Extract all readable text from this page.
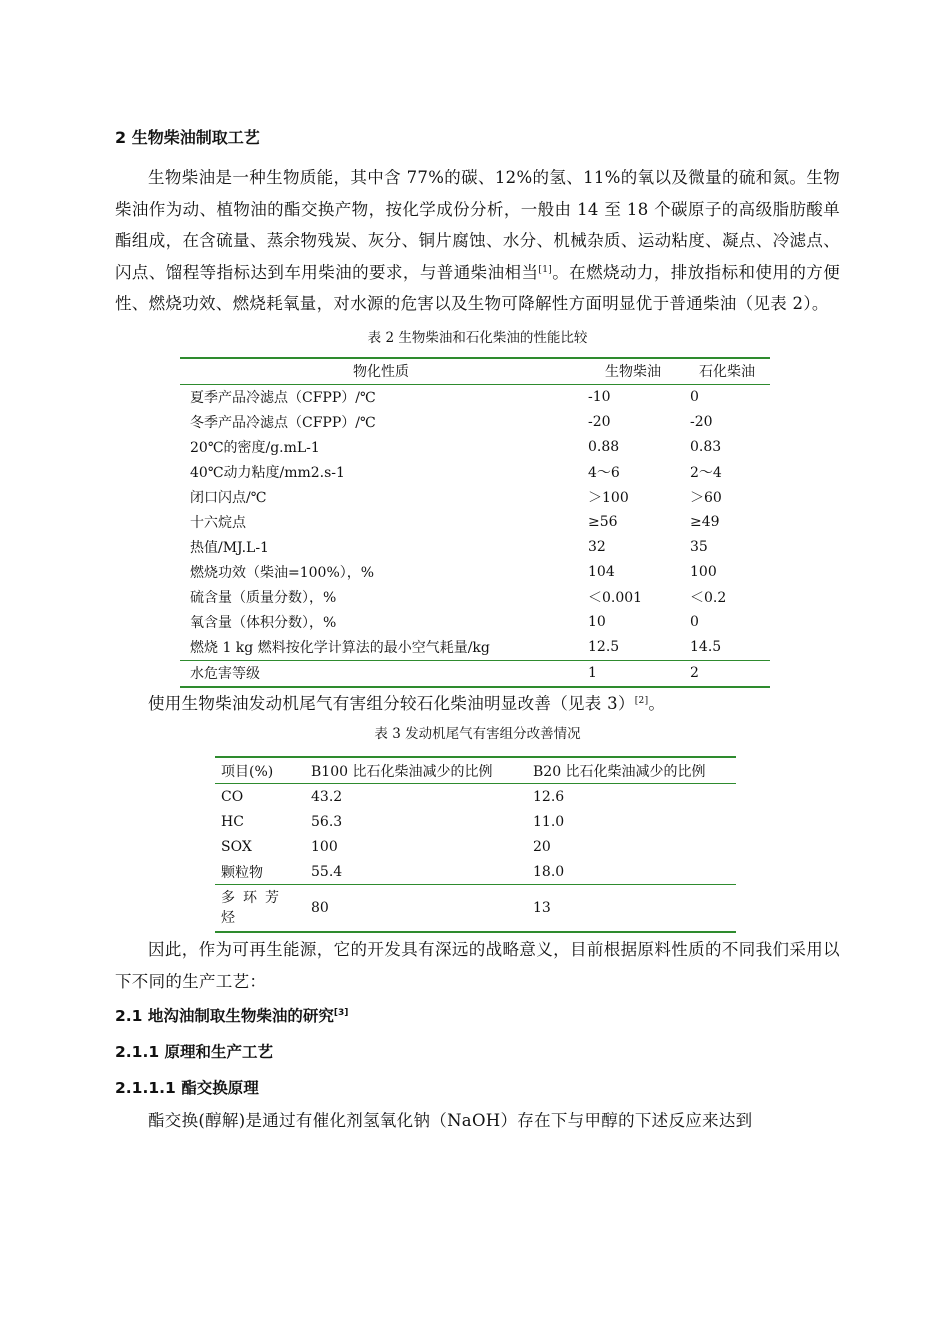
2 生物柴油制取工艺

生物柴油是一种生物质能，其中含 77%的碳、12%的氢、11%的氧以及微量的硫和氮。生物柴油作为动、植物油的酯交换产物，按化学成份分析，一般由 14 至 18 个碳原子的高级脂肪酸单酯组成，在含硫量、蒸余物残炭、灰分、铜片腐蚀、水分、机械杂质、运动粘度、凝点、冷滤点、闪点、馏程等指标达到车用柴油的要求，与普通柴油相当[1]。在燃烧动力，排放指标和使用的方便性、燃烧功效、燃烧耗氧量，对水源的危害以及生物可降解性方面明显优于普通柴油（见表 2）。

表 2 生物柴油和石化柴油的性能比较

物化性质	生物柴油	石化柴油
夏季产品冷滤点（CFPP）/℃	-10	0
冬季产品冷滤点（CFPP）/℃	-20	-20
20℃的密度/g.mL-1	0.88	0.83
40℃动力粘度/mm2.s-1	4～6	2～4
闭口闪点/℃	＞100	＞60
十六烷点	≥56	≥49
热值/MJ.L-1	32	35
燃烧功效（柴油=100%），%	104	100
硫含量（质量分数），%	＜0.001	＜0.2
氧含量（体积分数），%	10	0
燃烧 1 kg 燃料按化学计算法的最小空气耗量/kg	12.5	14.5
水危害等级	1	2

使用生物柴油发动机尾气有害组分较石化柴油明显改善（见表 3）[2]。

表 3 发动机尾气有害组分改善情况

项目(%)	B100 比石化柴油减少的比例	B20 比石化柴油减少的比例
CO	43.2	12.6
HC	56.3	11.0
SOX	100	20
颗粒物	55.4	18.0
多环芳烃	80	13

因此，作为可再生能源，它的开发具有深远的战略意义，目前根据原料性质的不同我们采用以下不同的生产工艺：

2.1 地沟油制取生物柴油的研究[3]

2.1.1 原理和生产工艺

2.1.1.1 酯交换原理

酯交换(醇解)是通过有催化剂氢氧化钠（NaOH）存在下与甲醇的下述反应来达到
